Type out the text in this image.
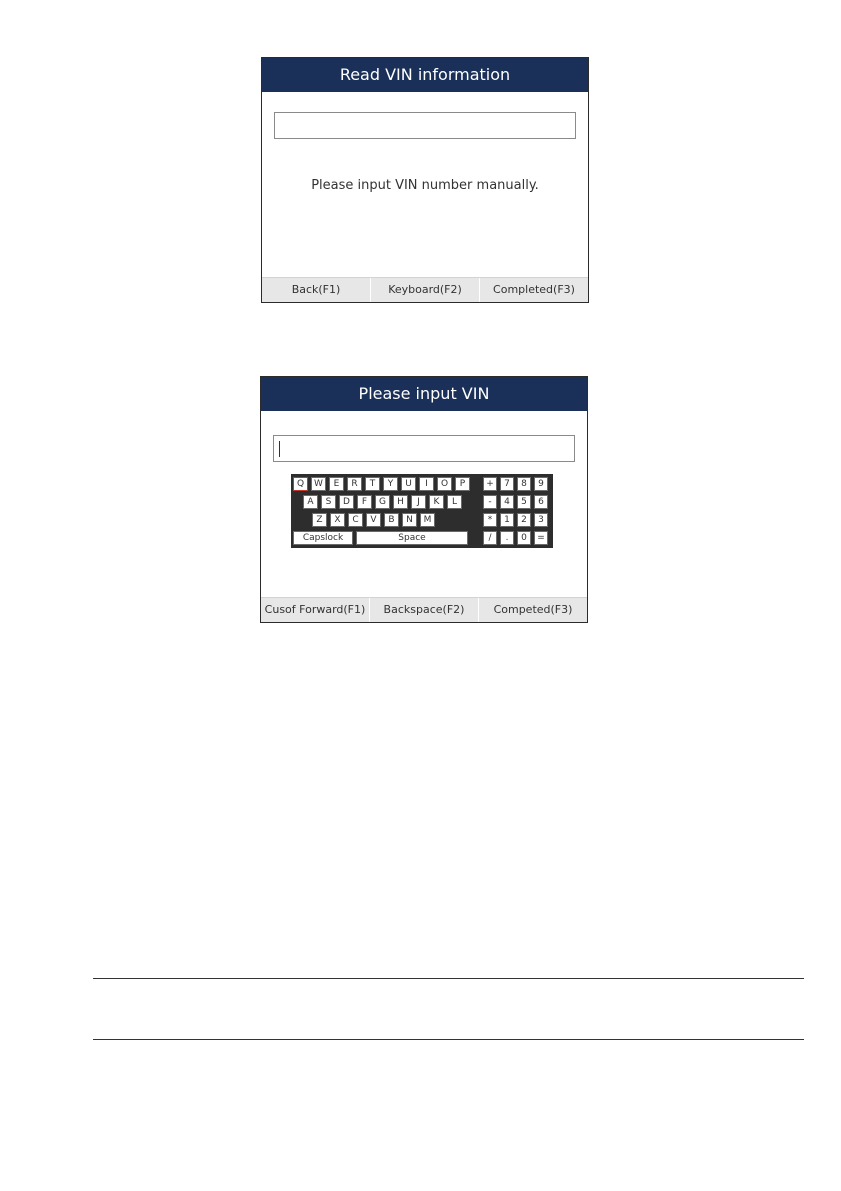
Read VIN information
Please input VIN number manually.
Back(F1)	Keyboard(F2)	Completed(F3)
Please input VIN
Q	W	E	R	T	Y	U	I	O	P
A	S	D	F	G	H	J	K	L
Z	X	C	V	B	N	M
Capslock	Space
+	7	8	9
-	4	5	6
*	1	2	3
/	.	0	=
Cusof Forward(F1)	Backspace(F2)	Competed(F3)
